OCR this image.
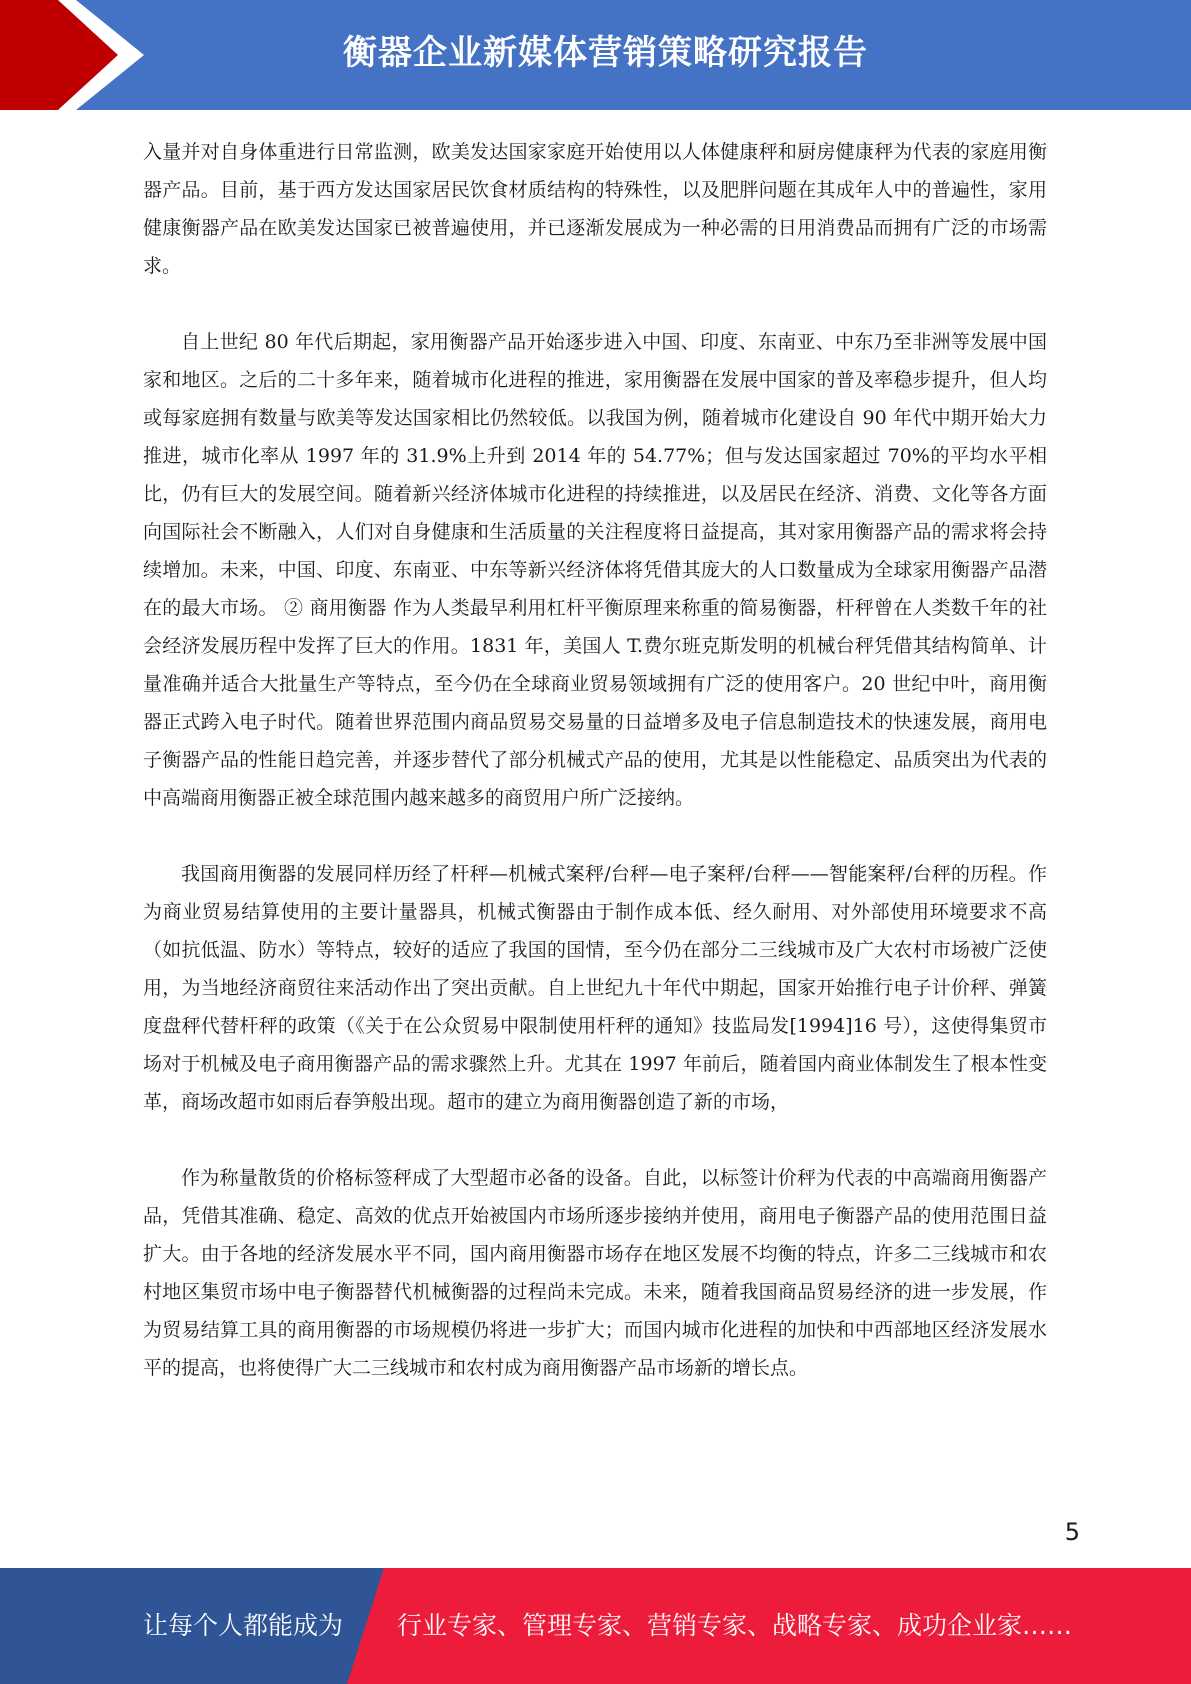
衡器企业新媒体营销策略研究报告

入量并对自身体重进行日常监测，欧美发达国家家庭开始使用以人体健康秤和厨房健康秤为代表的家庭用衡器产品。目前，基于西方发达国家居民饮食材质结构的特殊性，以及肥胖问题在其成年人中的普遍性，家用健康衡器产品在欧美发达国家已被普遍使用，并已逐渐发展成为一种必需的日用消费品而拥有广泛的市场需求。

自上世纪 80 年代后期起，家用衡器产品开始逐步进入中国、印度、东南亚、中东乃至非洲等发展中国家和地区。之后的二十多年来，随着城市化进程的推进，家用衡器在发展中国家的普及率稳步提升，但人均或每家庭拥有数量与欧美等发达国家相比仍然较低。以我国为例，随着城市化建设自 90 年代中期开始大力推进，城市化率从 1997 年的 31.9%上升到 2014 年的 54.77%；但与发达国家超过 70%的平均水平相比，仍有巨大的发展空间。随着新兴经济体城市化进程的持续推进，以及居民在经济、消费、文化等各方面向国际社会不断融入，人们对自身健康和生活质量的关注程度将日益提高，其对家用衡器产品的需求将会持续增加。未来，中国、印度、东南亚、中东等新兴经济体将凭借其庞大的人口数量成为全球家用衡器产品潜在的最大市场。 ② 商用衡器 作为人类最早利用杠杆平衡原理来称重的简易衡器，杆秤曾在人类数千年的社会经济发展历程中发挥了巨大的作用。1831 年，美国人 T.费尔班克斯发明的机械台秤凭借其结构简单、计量准确并适合大批量生产等特点，至今仍在全球商业贸易领域拥有广泛的使用客户。20 世纪中叶，商用衡器正式跨入电子时代。随着世界范围内商品贸易交易量的日益增多及电子信息制造技术的快速发展，商用电子衡器产品的性能日趋完善，并逐步替代了部分机械式产品的使用，尤其是以性能稳定、品质突出为代表的中高端商用衡器正被全球范围内越来越多的商贸用户所广泛接纳。

我国商用衡器的发展同样历经了杆秤—机械式案秤/台秤—电子案秤/台秤——智能案秤/台秤的历程。作为商业贸易结算使用的主要计量器具，机械式衡器由于制作成本低、经久耐用、对外部使用环境要求不高（如抗低温、防水）等特点，较好的适应了我国的国情，至今仍在部分二三线城市及广大农村市场被广泛使用，为当地经济商贸往来活动作出了突出贡献。自上世纪九十年代中期起，国家开始推行电子计价秤、弹簧度盘秤代替杆秤的政策（《关于在公众贸易中限制使用杆秤的通知》技监局发[1994]16 号），这使得集贸市场对于机械及电子商用衡器产品的需求骤然上升。尤其在 1997 年前后，随着国内商业体制发生了根本性变革，商场改超市如雨后春笋般出现。超市的建立为商用衡器创造了新的市场，

作为称量散货的价格标签秤成了大型超市必备的设备。自此，以标签计价秤为代表的中高端商用衡器产品，凭借其准确、稳定、高效的优点开始被国内市场所逐步接纳并使用，商用电子衡器产品的使用范围日益扩大。由于各地的经济发展水平不同，国内商用衡器市场存在地区发展不均衡的特点，许多二三线城市和农村地区集贸市场中电子衡器替代机械衡器的过程尚未完成。未来，随着我国商品贸易经济的进一步发展，作为贸易结算工具的商用衡器的市场规模仍将进一步扩大；而国内城市化进程的加快和中西部地区经济发展水平的提高，也将使得广大二三线城市和农村成为商用衡器产品市场新的增长点。

5
让每个人都能成为 行业专家、管理专家、营销专家、战略专家、成功企业家……
